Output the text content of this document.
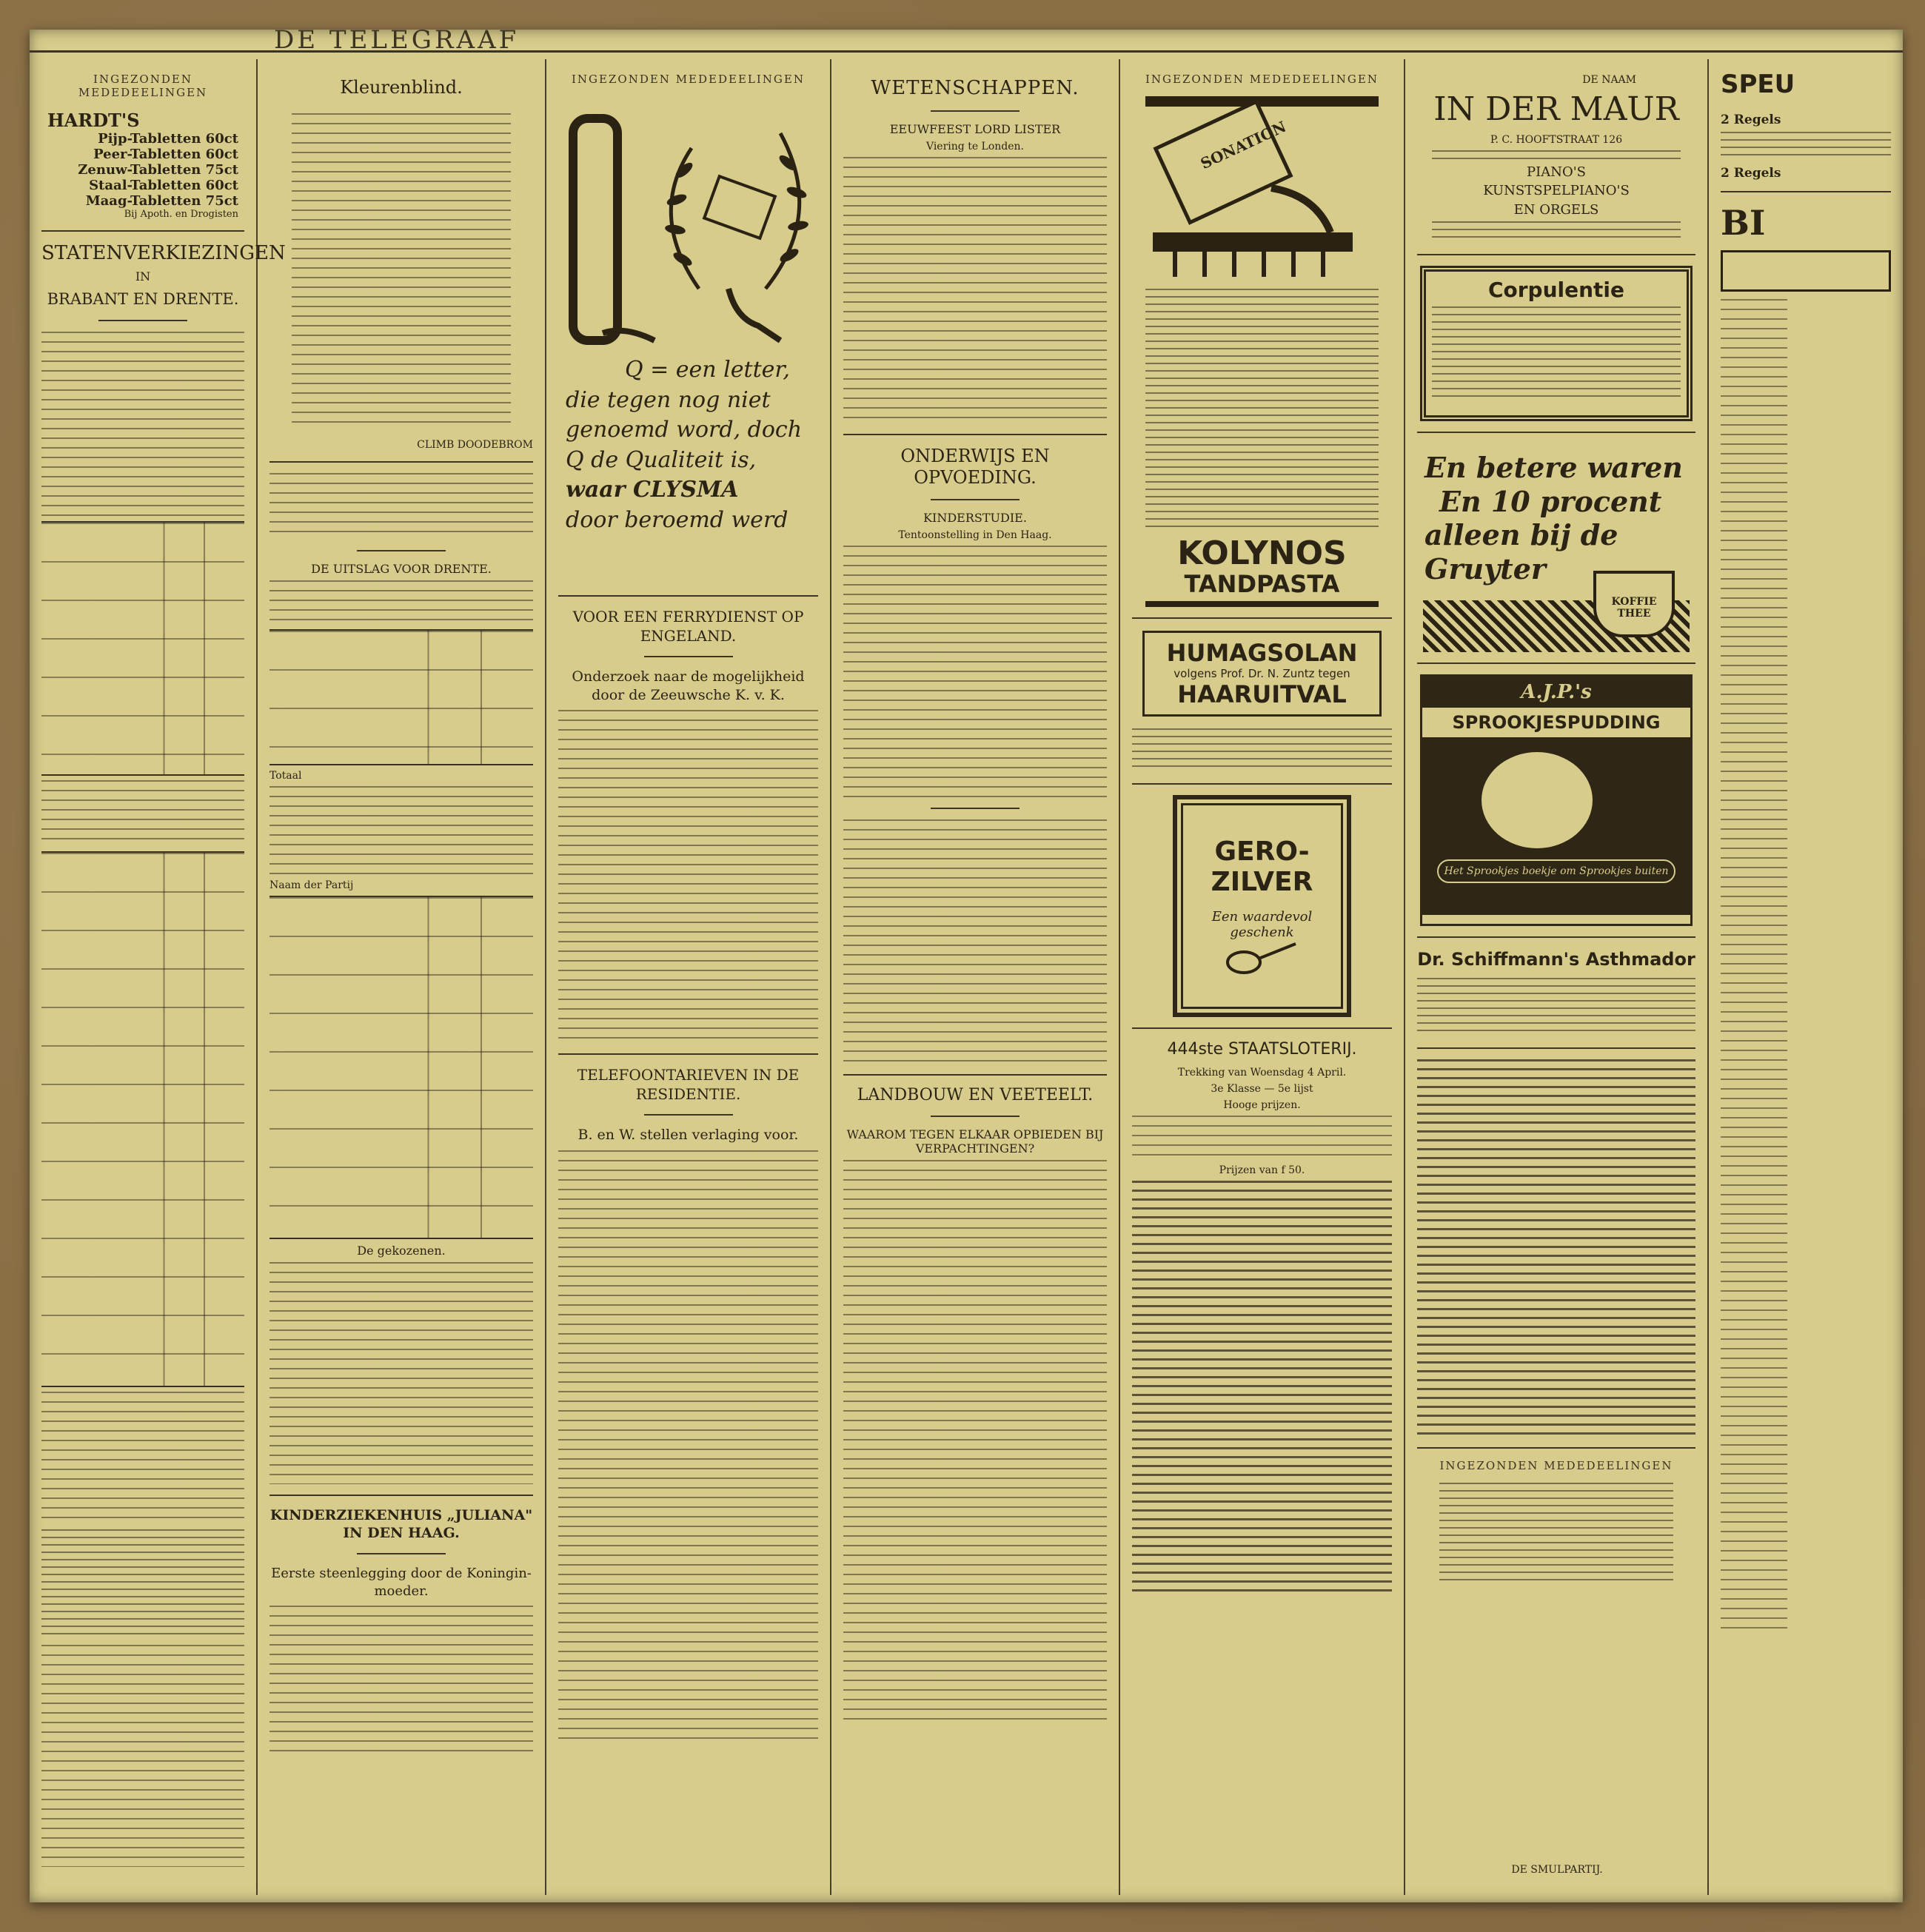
DE TELEGRAAF
INGEZONDEN MEDEDEELINGEN
HARDT'S
Pijp-Tabletten 60ct
Peer-Tabletten 60ct
Zenuw-Tabletten 75ct
Staal-Tabletten 60ct
Maag-Tabletten 75ct
Bij Apoth. en Drogisten
STATENVERKIEZINGEN
IN
BRABANT EN DRENTE.
Kleurenblind.
CLIMB DOODEBROM
DE UITSLAG VOOR DRENTE.
Totaal
Naam der Partij
De gekozenen.
KINDERZIEKENHUIS „JULIANA" IN DEN HAAG.
Eerste steenlegging door de Koningin-moeder.
INGEZONDEN MEDEDEELINGEN
Q = een letter,
die tegen nog niet
genoemd word, doch
Q de Qualiteit is,
waar CLYSMA
door beroemd werd
VOOR EEN FERRYDIENST OP ENGELAND.
Onderzoek naar de mogelijkheid door de Zeeuwsche K. v. K.
TELEFOONTARIEVEN IN DE RESIDENTIE.
B. en W. stellen verlaging voor.
WETENSCHAPPEN.
EEUWFEEST LORD LISTER
Viering te Londen.
ONDERWIJS EN OPVOEDING.
KINDERSTUDIE.
Tentoonstelling in Den Haag.
LANDBOUW EN VEETEELT.
WAAROM TEGEN ELKAAR OPBIEDEN BIJ VERPACHTINGEN?
INGEZONDEN MEDEDEELINGEN
SONATION
KOLYNOS
TANDPASTA
HUMAGSOLAN
volgens Prof. Dr. N. Zuntz tegen
HAARUITVAL
GERO-
ZILVER
Een waardevol geschenk
444ste STAATSLOTERIJ.
Trekking van Woensdag 4 April.
3e Klasse — 5e lijst
Hooge prijzen.
Prijzen van f 50.
DE NAAM
IN DER MAUR
P. C. HOOFTSTRAAT 126
PIANO'S
KUNSTSPELPIANO'S
EN ORGELS
Corpulentie
En betere waren
En 10 procent
alleen bij de Gruyter
KOFFIE THEE
A.J.P.'s
SPROOKJESPUDDING
Het Sprookjes boekje om Sprookjes buiten
Dr. Schiffmann's Asthmador
INGEZONDEN MEDEDEELINGEN
SPEU
2 Regels
2 Regels
BI
DE SMULPARTIJ.
